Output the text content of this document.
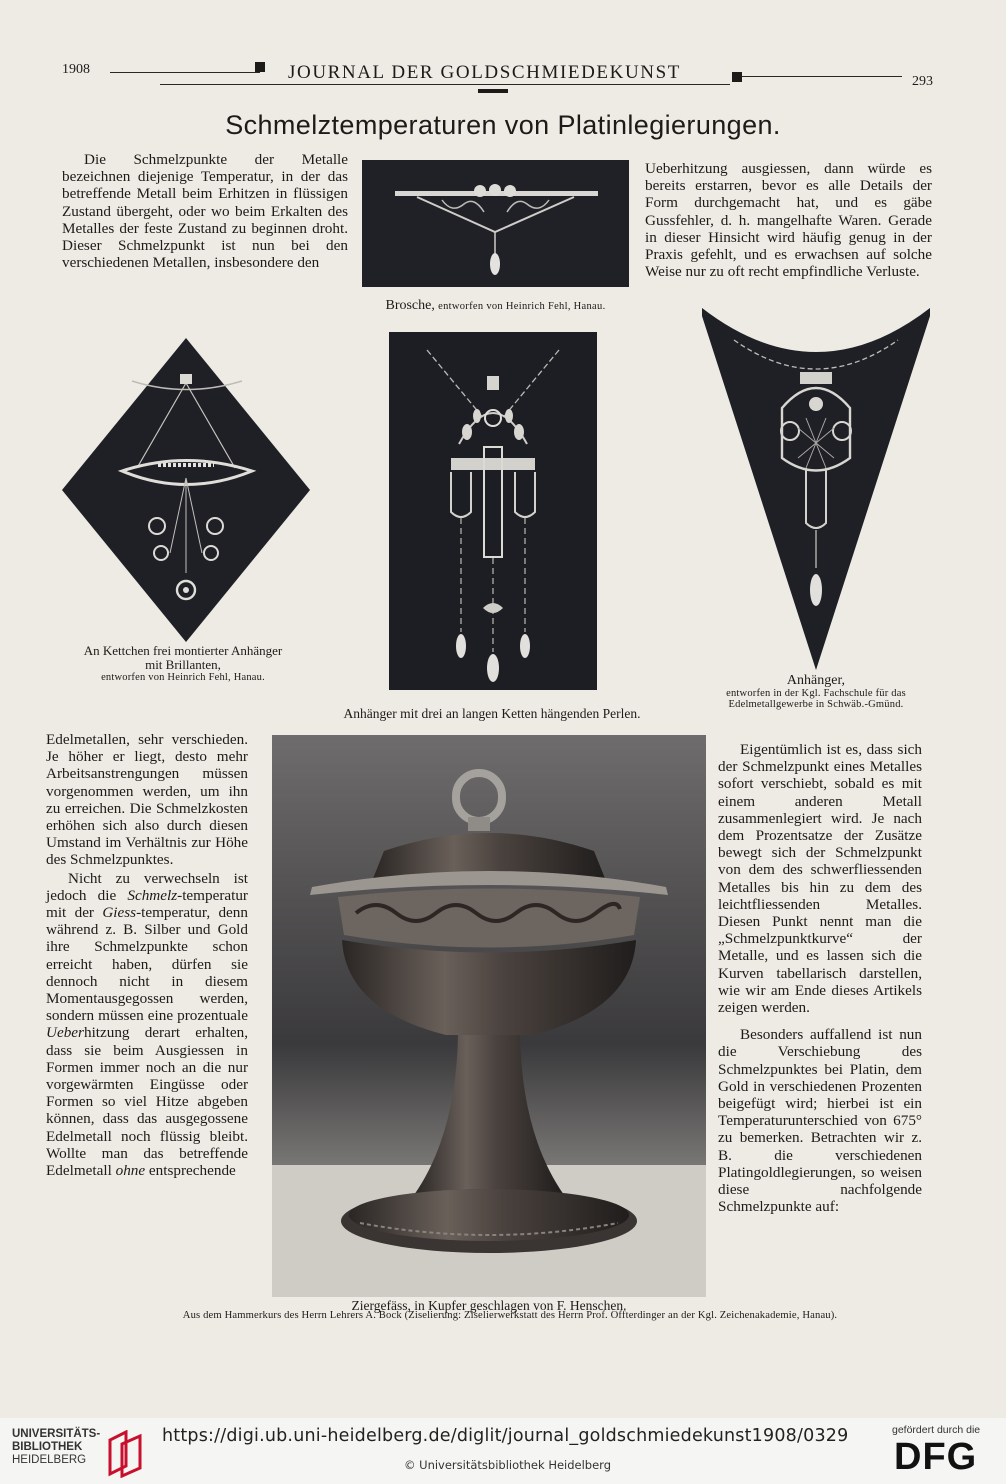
1908	JOURNAL DER GOLDSCHMIEDEKUNST	293
Schmelztemperaturen von Platinlegierungen.
Die Schmelzpunkte der Metalle bezeichnen diejenige Temperatur, in der das betreffende Metall beim Erhitzen in flüssigen Zustand übergeht, oder wo beim Erkalten des Metalles der feste Zustand zu beginnen droht. Dieser Schmelzpunkt ist nun bei den verschiedenen Metallen, insbesondere den
Ueberhitzung ausgiessen, dann würde es bereits erstarren, bevor es alle Details der Form durchgemacht hat, und es gäbe Gussfehler, d. h. mangelhafte Waren. Gerade in dieser Hinsicht wird häufig genug in der Praxis gefehlt, und es erwachsen auf solche Weise nur zu oft recht empfindliche Verluste.
Brosche, entworfen von Heinrich Fehl, Hanau.
An Kettchen frei montierter Anhänger
mit Brillanten,
entworfen von Heinrich Fehl, Hanau.
Anhänger mit drei an langen Ketten hängenden Perlen.
Anhänger,
entworfen in der Kgl. Fachschule für das
Edelmetallgewerbe in Schwäb.-Gmünd.

Edelmetallen, sehr verschieden. Je höher er liegt, desto mehr Arbeitsanstrengungen müssen vorgenommen werden, um ihn zu erreichen. Die Schmelzkosten erhöhen sich also durch diesen Umstand im Verhältnis zur Höhe des Schmelzpunktes.

Nicht zu verwechseln ist jedoch die Schmelz-temperatur mit der Giess-temperatur, denn während z. B. Silber und Gold ihre Schmelzpunkte schon erreicht haben, dürfen sie dennoch nicht in diesem Momentausgegossen werden, sondern müssen eine prozentuale Ueberhitzung derart erhalten, dass sie beim Ausgiessen in Formen immer noch an die nur vorgewärmten Eingüsse oder Formen so viel Hitze abgeben können, dass das ausgegossene Edelmetall noch flüssig bleibt. Wollte man das betreffende Edelmetall ohne entsprechende

Ziergefäss, in Kupfer geschlagen von F. Henschen.
Aus dem Hammerkurs des Herrn Lehrers A. Bock (Ziselierung: Ziselierwerkstatt des Herrn Prof. Offterdinger an der Kgl. Zeichenakademie, Hanau).

Eigentümlich ist es, dass sich der Schmelzpunkt eines Metalles sofort verschiebt, sobald es mit einem anderen Metall zusammenlegiert wird. Je nach dem Prozentsatze der Zusätze bewegt sich der Schmelzpunkt von dem des schwerfliessenden Metalles bis hin zu dem des leichtfliessenden Metalles. Diesen Punkt nennt man die „Schmelzpunktkurve“ der Metalle, und es lassen sich die Kurven tabellarisch darstellen, wie wir am Ende dieses Artikels zeigen werden.

Besonders auffallend ist nun die Verschiebung des Schmelzpunktes bei Platin, dem Gold in verschiedenen Prozenten beigefügt wird; hierbei ist ein Temperaturunterschied von 675° zu bemerken. Betrachten wir z. B. die verschiedenen Platingoldlegierungen, so weisen diese nachfolgende Schmelzpunkte auf:

UNIVERSITÄTS-
BIBLIOTHEK
HEIDELBERG
https://digi.ub.uni-heidelberg.de/diglit/journal_goldschmiedekunst1908/0329
© Universitätsbibliothek Heidelberg
gefördert durch die
DFG
